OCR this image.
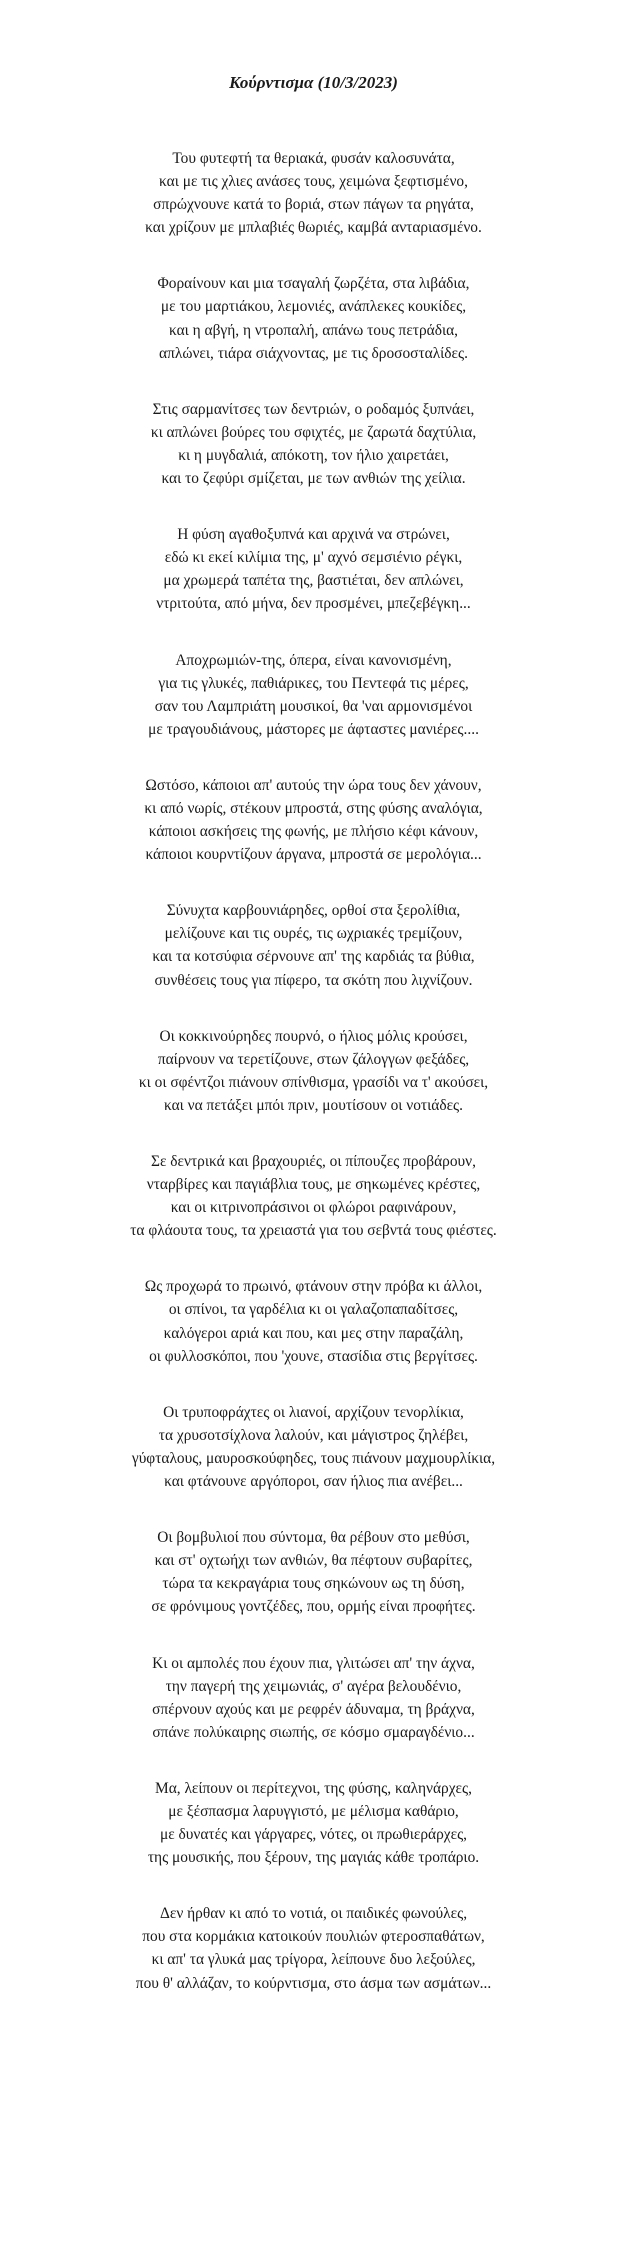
Κούρντισμα (10/3/2023)
Του φυτεφτή τα θεριακά, φυσάν καλοσυνάτα,
και με τις χλιες ανάσες τους, χειμώνα ξεφτισμένο,
σπρώχνουνε κατά το βοριά, στων πάγων τα ρηγάτα,
και χρίζουν με μπλαβιές θωριές, καμβά ανταριασμένο.
Φοραίνουν και μια τσαγαλή ζωρζέτα, στα λιβάδια,
με του μαρτιάκου, λεμονιές, ανάπλεκες κουκίδες,
και η αβγή, η ντροπαλή, απάνω τους πετράδια,
απλώνει, τιάρα σιάχνοντας, με τις δροσοσταλίδες.
Στις σαρμανίτσες των δεντριών, ο ροδαμός ξυπνάει,
κι απλώνει βούρες του σφιχτές, με ζαρωτά δαχτύλια,
κι η μυγδαλιά, απόκοτη, τον ήλιο χαιρετάει,
και το ζεφύρι σμίζεται, με των ανθιών της χείλια.
Η φύση αγαθοξυπνά και αρχινά να στρώνει,
εδώ κι εκεί κιλίμια της, μ' αχνό σεμσιένιο ρέγκι,
μα χρωμερά ταπέτα της, βαστιέται, δεν απλώνει,
ντριτούτα, από μήνα, δεν προσμένει, μπεζεβέγκη...
Αποχρωμιών-της, όπερα, είναι κανονισμένη,
για τις γλυκές, παθιάρικες, του Πεντεφά τις μέρες,
σαν του Λαμπριάτη μουσικοί, θα 'ναι αρμονισμένοι
με τραγουδιάνους, μάστορες με άφταστες μανιέρες....
Ωστόσο, κάποιοι απ' αυτούς την ώρα τους δεν χάνουν,
κι από νωρίς, στέκουν μπροστά, στης φύσης αναλόγια,
κάποιοι ασκήσεις της φωνής, με πλήσιο κέφι κάνουν,
κάποιοι κουρντίζουν άργανα, μπροστά σε μερολόγια...
Σύνυχτα καρβουνιάρηδες, ορθοί στα ξερολίθια,
μελίζουνε και τις ουρές, τις ωχριακές τρεμίζουν,
και τα κοτσύφια σέρνουνε απ' της καρδιάς τα βύθια,
συνθέσεις τους για πίφερο, τα σκότη που λιχνίζουν.
Οι κοκκινούρηδες πουρνό, ο ήλιος μόλις κρούσει,
παίρνουν να τερετίζουνε, στων ζάλογγων φεξάδες,
κι οι σφέντζοι πιάνουν σπίνθισμα, γρασίδι να τ' ακούσει,
και να πετάξει μπόι πριν, μουτίσουν οι νοτιάδες.
Σε δεντρικά και βραχουριές, οι πίπουζες προβάρουν,
νταρβίρες και παγιάβλια τους, με σηκωμένες κρέστες,
και οι κιτρινοπράσινοι οι φλώροι ραφινάρουν,
τα φλάουτα τους, τα χρειαστά για του σεβντά τους φιέστες.
Ως προχωρά το πρωινό, φτάνουν στην πρόβα κι άλλοι,
οι σπίνοι, τα γαρδέλια κι οι γαλαζοπαπαδίτσες,
καλόγεροι αριά και που, και μες στην παραζάλη,
οι φυλλοσκόποι, που 'χουνε, στασίδια στις βεργίτσες.
Οι τρυποφράχτες οι λιανοί, αρχίζουν τενορλίκια,
τα χρυσοτσίχλονα λαλούν, και μάγιστρος ζηλέβει,
γύφταλους, μαυροσκούφηδες, τους πιάνουν μαχμουρλίκια,
και φτάνουνε αργόποροι, σαν ήλιος πια ανέβει...
Οι βομβυλιοί που σύντομα, θα ρέβουν στο μεθύσι,
και στ' οχτωήχι των ανθιών, θα πέφτουν συβαρίτες,
τώρα τα κεκραγάρια τους σηκώνουν ως τη δύση,
σε φρόνιμους γοντζέδες, που, ορμής είναι προφήτες.
Κι οι αμπολές που έχουν πια, γλιτώσει απ' την άχνα,
την παγερή της χειμωνιάς, σ' αγέρα βελουδένιο,
σπέρνουν αχούς και με ρεφρέν άδυναμα, τη βράχνα,
σπάνε πολύκαιρης σιωπής, σε κόσμο σμαραγδένιο...
Μα, λείπουν οι περίτεχνοι, της φύσης, καληνάρχες,
με ξέσπασμα λαρυγγιστό, με μέλισμα καθάριο,
με δυνατές και γάργαρες, νότες, οι πρωθιεράρχες,
της μουσικής, που ξέρουν, της μαγιάς κάθε τροπάριο.
Δεν ήρθαν κι από το νοτιά, οι παιδικές φωνούλες,
που στα κορμάκια κατοικούν πουλιών φτεροσπαθάτων,
κι απ' τα γλυκά μας τρίγορα, λείπουνε δυο λεξούλες,
που θ' αλλάζαν, το κούρντισμα, στο άσμα των ασμάτων...
